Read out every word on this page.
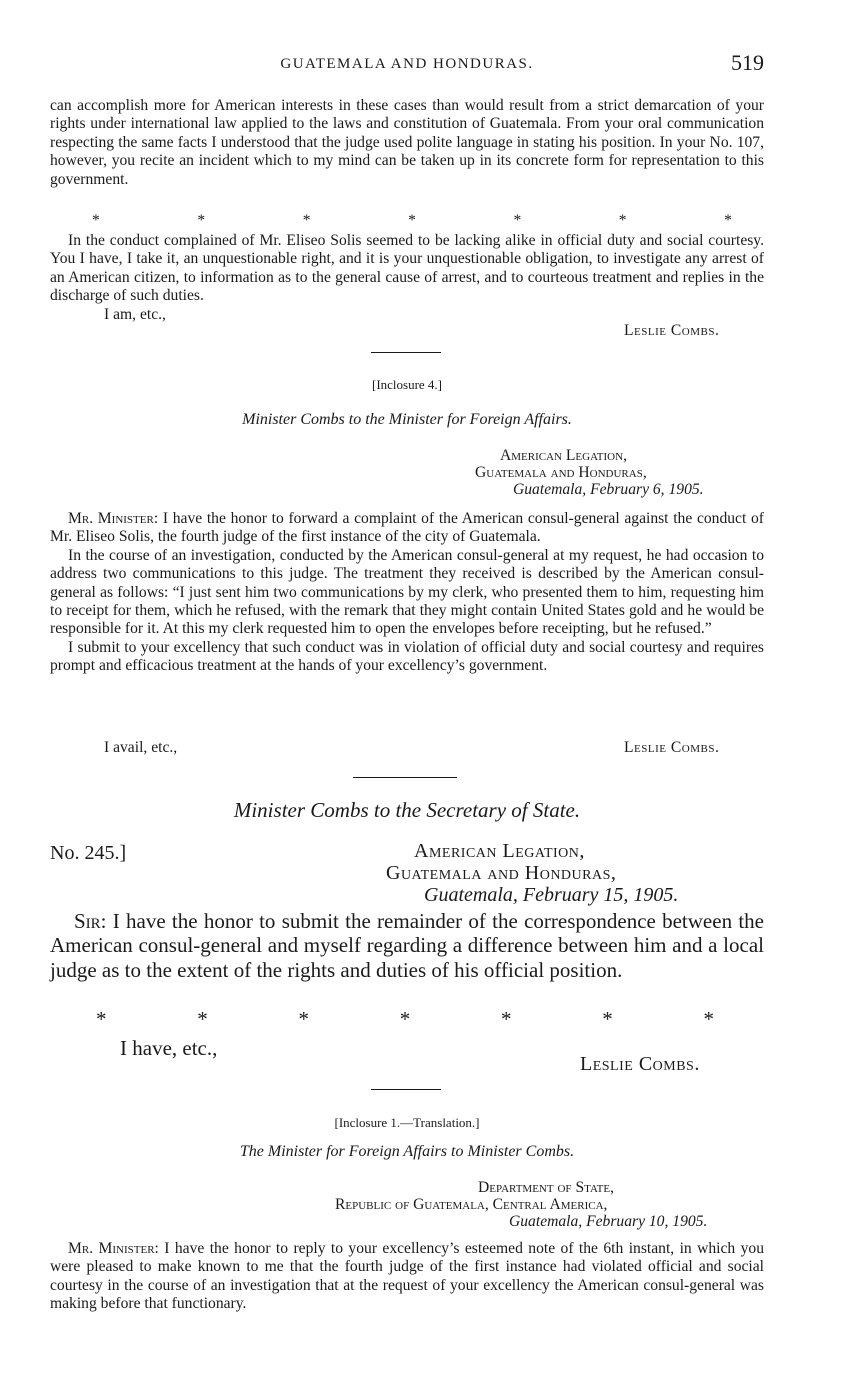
GUATEMALA AND HONDURAS.	519

can accomplish more for American interests in these cases than would result from a strict demarcation of your rights under international law applied to the laws and constitution of Guatemala. From your oral communication respecting the same facts I understood that the judge used polite language in stating his position. In your No. 107, however, you recite an incident which to my mind can be taken up in its concrete form for representation to this government.

*	*	*	*	*	*	*

In the conduct complained of Mr. Eliseo Solis seemed to be lacking alike in official duty and social courtesy. You I have, I take it, an unquestionable right, and it is your unquestionable obligation, to investigate any arrest of an American citizen, to information as to the general cause of arrest, and to courteous treatment and replies in the discharge of such duties.

I am, etc.,

Leslie Combs.

[Inclosure 4.]

Minister Combs to the Minister for Foreign Affairs.

American Legation,

Guatemala and Honduras,

Guatemala, February 6, 1905.

Mr. Minister: I have the honor to forward a complaint of the American consul-general against the conduct of Mr. Eliseo Solis, the fourth judge of the first instance of the city of Guatemala.

In the course of an investigation, conducted by the American consul-general at my request, he had occasion to address two communications to this judge. The treatment they received is described by the American consul-general as follows: “I just sent him two communications by my clerk, who presented them to him, requesting him to receipt for them, which he refused, with the remark that they might contain United States gold and he would be responsible for it. At this my clerk requested him to open the envelopes before receipting, but he refused.”

I submit to your excellency that such conduct was in violation of official duty and social courtesy and requires prompt and efficacious treatment at the hands of your excellency’s government.

I avail, etc.,	Leslie Combs.

Minister Combs to the Secretary of State.

No. 245.]	American Legation,

Guatemala and Honduras,

Guatemala, February 15, 1905.

Sir: I have the honor to submit the remainder of the correspondence between the American consul-general and myself regarding a difference between him and a local judge as to the extent of the rights and duties of his official position.

*	*	*	*	*	*	*

I have, etc.,

Leslie Combs.

[Inclosure 1.—Translation.]

The Minister for Foreign Affairs to Minister Combs.

Department of State,

Republic of Guatemala, Central America,

Guatemala, February 10, 1905.

Mr. Minister: I have the honor to reply to your excellency’s esteemed note of the 6th instant, in which you were pleased to make known to me that the fourth judge of the first instance had violated official and social courtesy in the course of an investigation that at the request of your excellency the American consul-general was making before that functionary.
